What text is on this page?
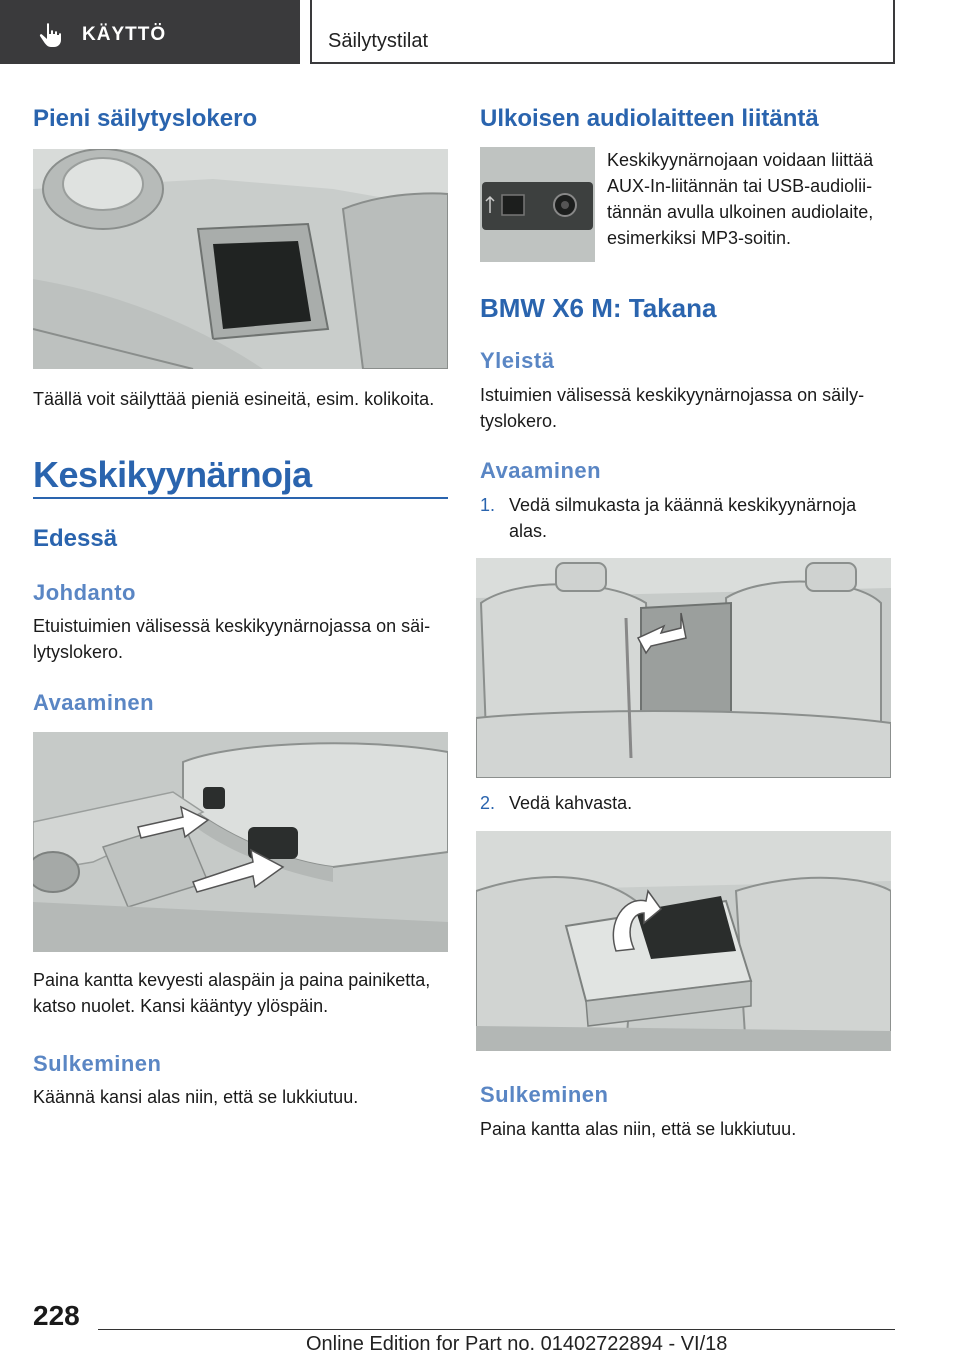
KÄYTTÖ	Säilytystilat
Pieni säilytyslokero

Täällä voit säilyttää pieniä esineitä, esim. kolikoita.

Keskikyynärnoja
Edessä
Johdanto

Etuistuimien välisessä keskikyynärnojassa on säi-

lytyslokero.

Avaaminen

Paina kantta kevyesti alaspäin ja paina painiketta,

katso nuolet. Kansi kääntyy ylöspäin.

Sulkeminen

Käännä kansi alas niin, että se lukkiutuu.

Ulkoisen audiolaitteen liitäntä

Keskikyynärnojaan voidaan liittää

AUX-In-liitännän tai USB-audiolii-

tännän avulla ulkoinen audiolaite,

esimerkiksi MP3-soitin.

BMW X6 M: Takana
Yleistä

Istuimien välisessä keskikyynärnojassa on säily-

tyslokero.

Avaaminen
1. Vedä silmukasta ja käännä keskikyynärnoja

alas.

2. Vedä kahvasta.

Sulkeminen

Paina kantta alas niin, että se lukkiutuu.

228
Online Edition for Part no. 01402722894 - VI/18
